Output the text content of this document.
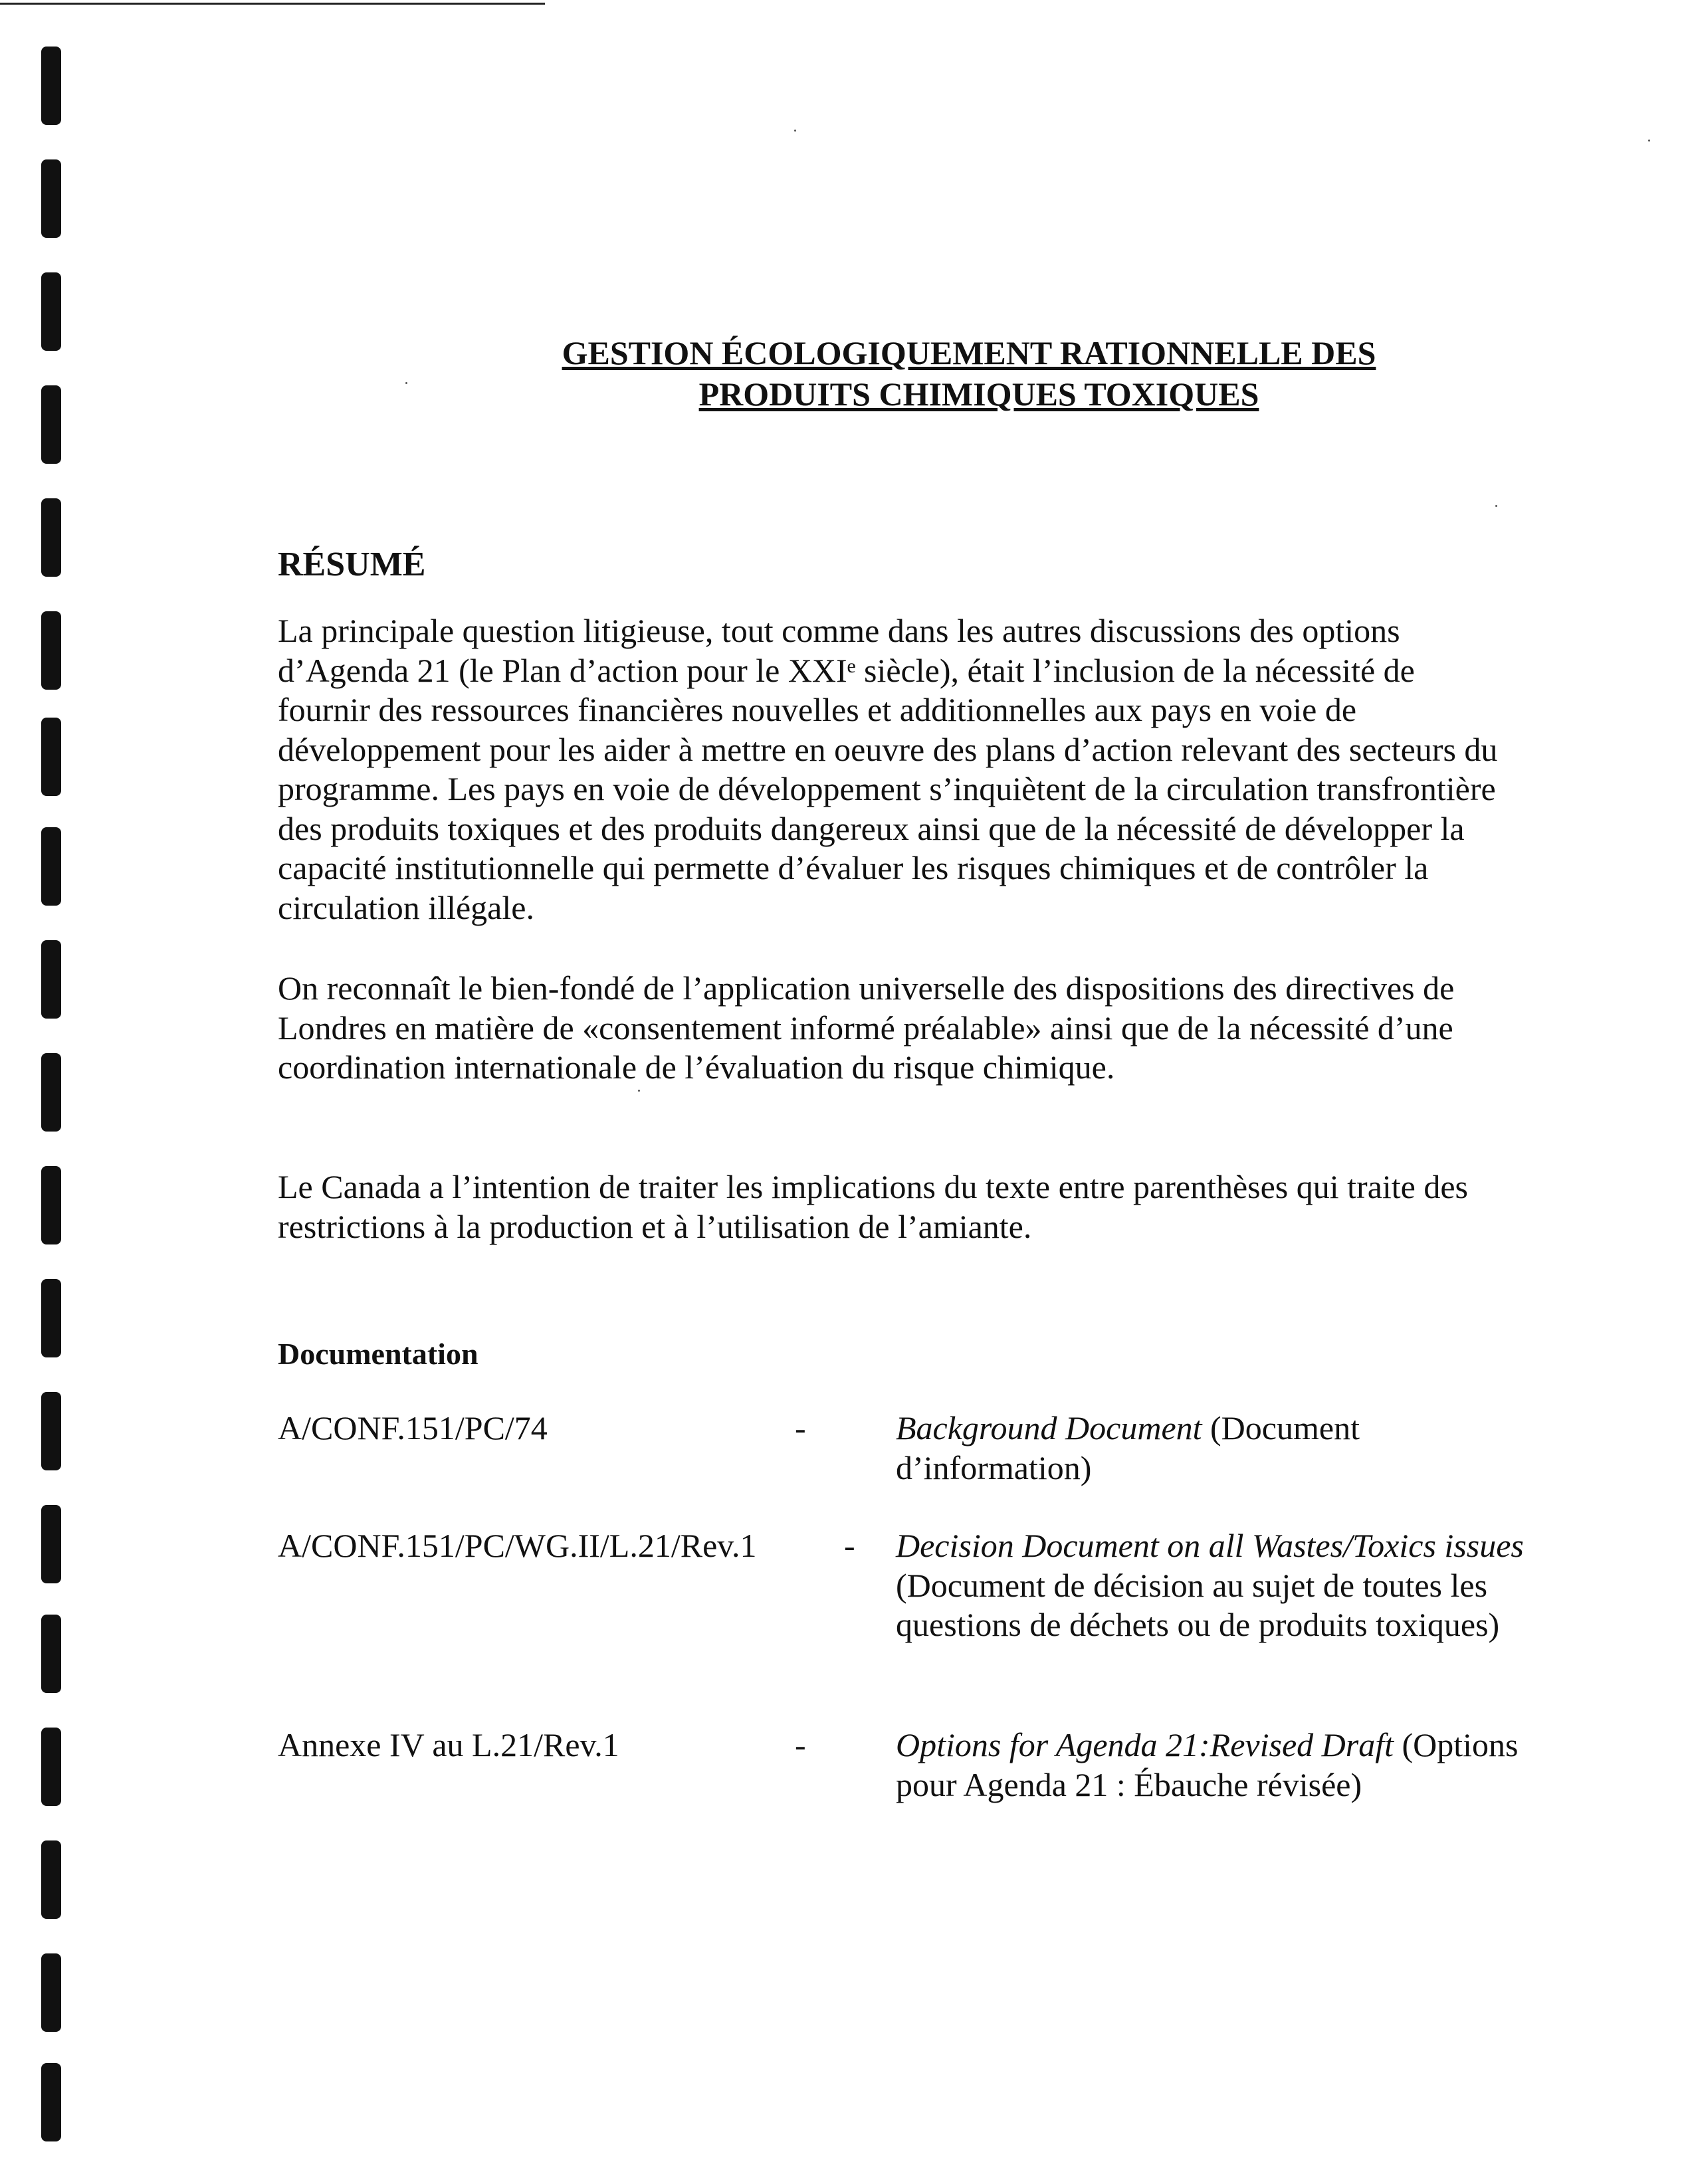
GESTION ÉCOLOGIQUEMENT RATIONNELLE DES
PRODUITS CHIMIQUES TOXIQUES
RÉSUMÉ
La principale question litigieuse, tout comme dans les autres discussions des options d’Agenda 21 (le Plan d’action pour le XXIᵉ siècle), était l’inclusion de la nécessité de fournir des ressources financières nouvelles et additionnelles aux pays en voie de développement pour les aider à mettre en oeuvre des plans d’action relevant des secteurs du programme. Les pays en voie de développement s’inquiètent de la circulation transfrontière des produits toxiques et des produits dangereux ainsi que de la nécessité de développer la capacité institutionnelle qui permette d’évaluer les risques chimiques et de contrôler la circulation illégale.
On reconnaît le bien-fondé de l’application universelle des dispositions des directives de Londres en matière de «consentement informé préalable» ainsi que de la nécessité d’une coordination internationale de l’évaluation du risque chimique.
Le Canada a l’intention de traiter les implications du texte entre parenthèses qui traite des restrictions à la production et à l’utilisation de l’amiante.
Documentation
A/CONF.151/PC/74	-	Background Document (Document d’information)
A/CONF.151/PC/WG.II/L.21/Rev.1	- Decision Document on all Wastes/Toxics issues (Document de décision au sujet de toutes les questions de déchets ou de produits toxiques)
Annexe IV au L.21/Rev.1	-	Options for Agenda 21:Revised Draft (Options pour Agenda 21 : Ébauche révisée)
